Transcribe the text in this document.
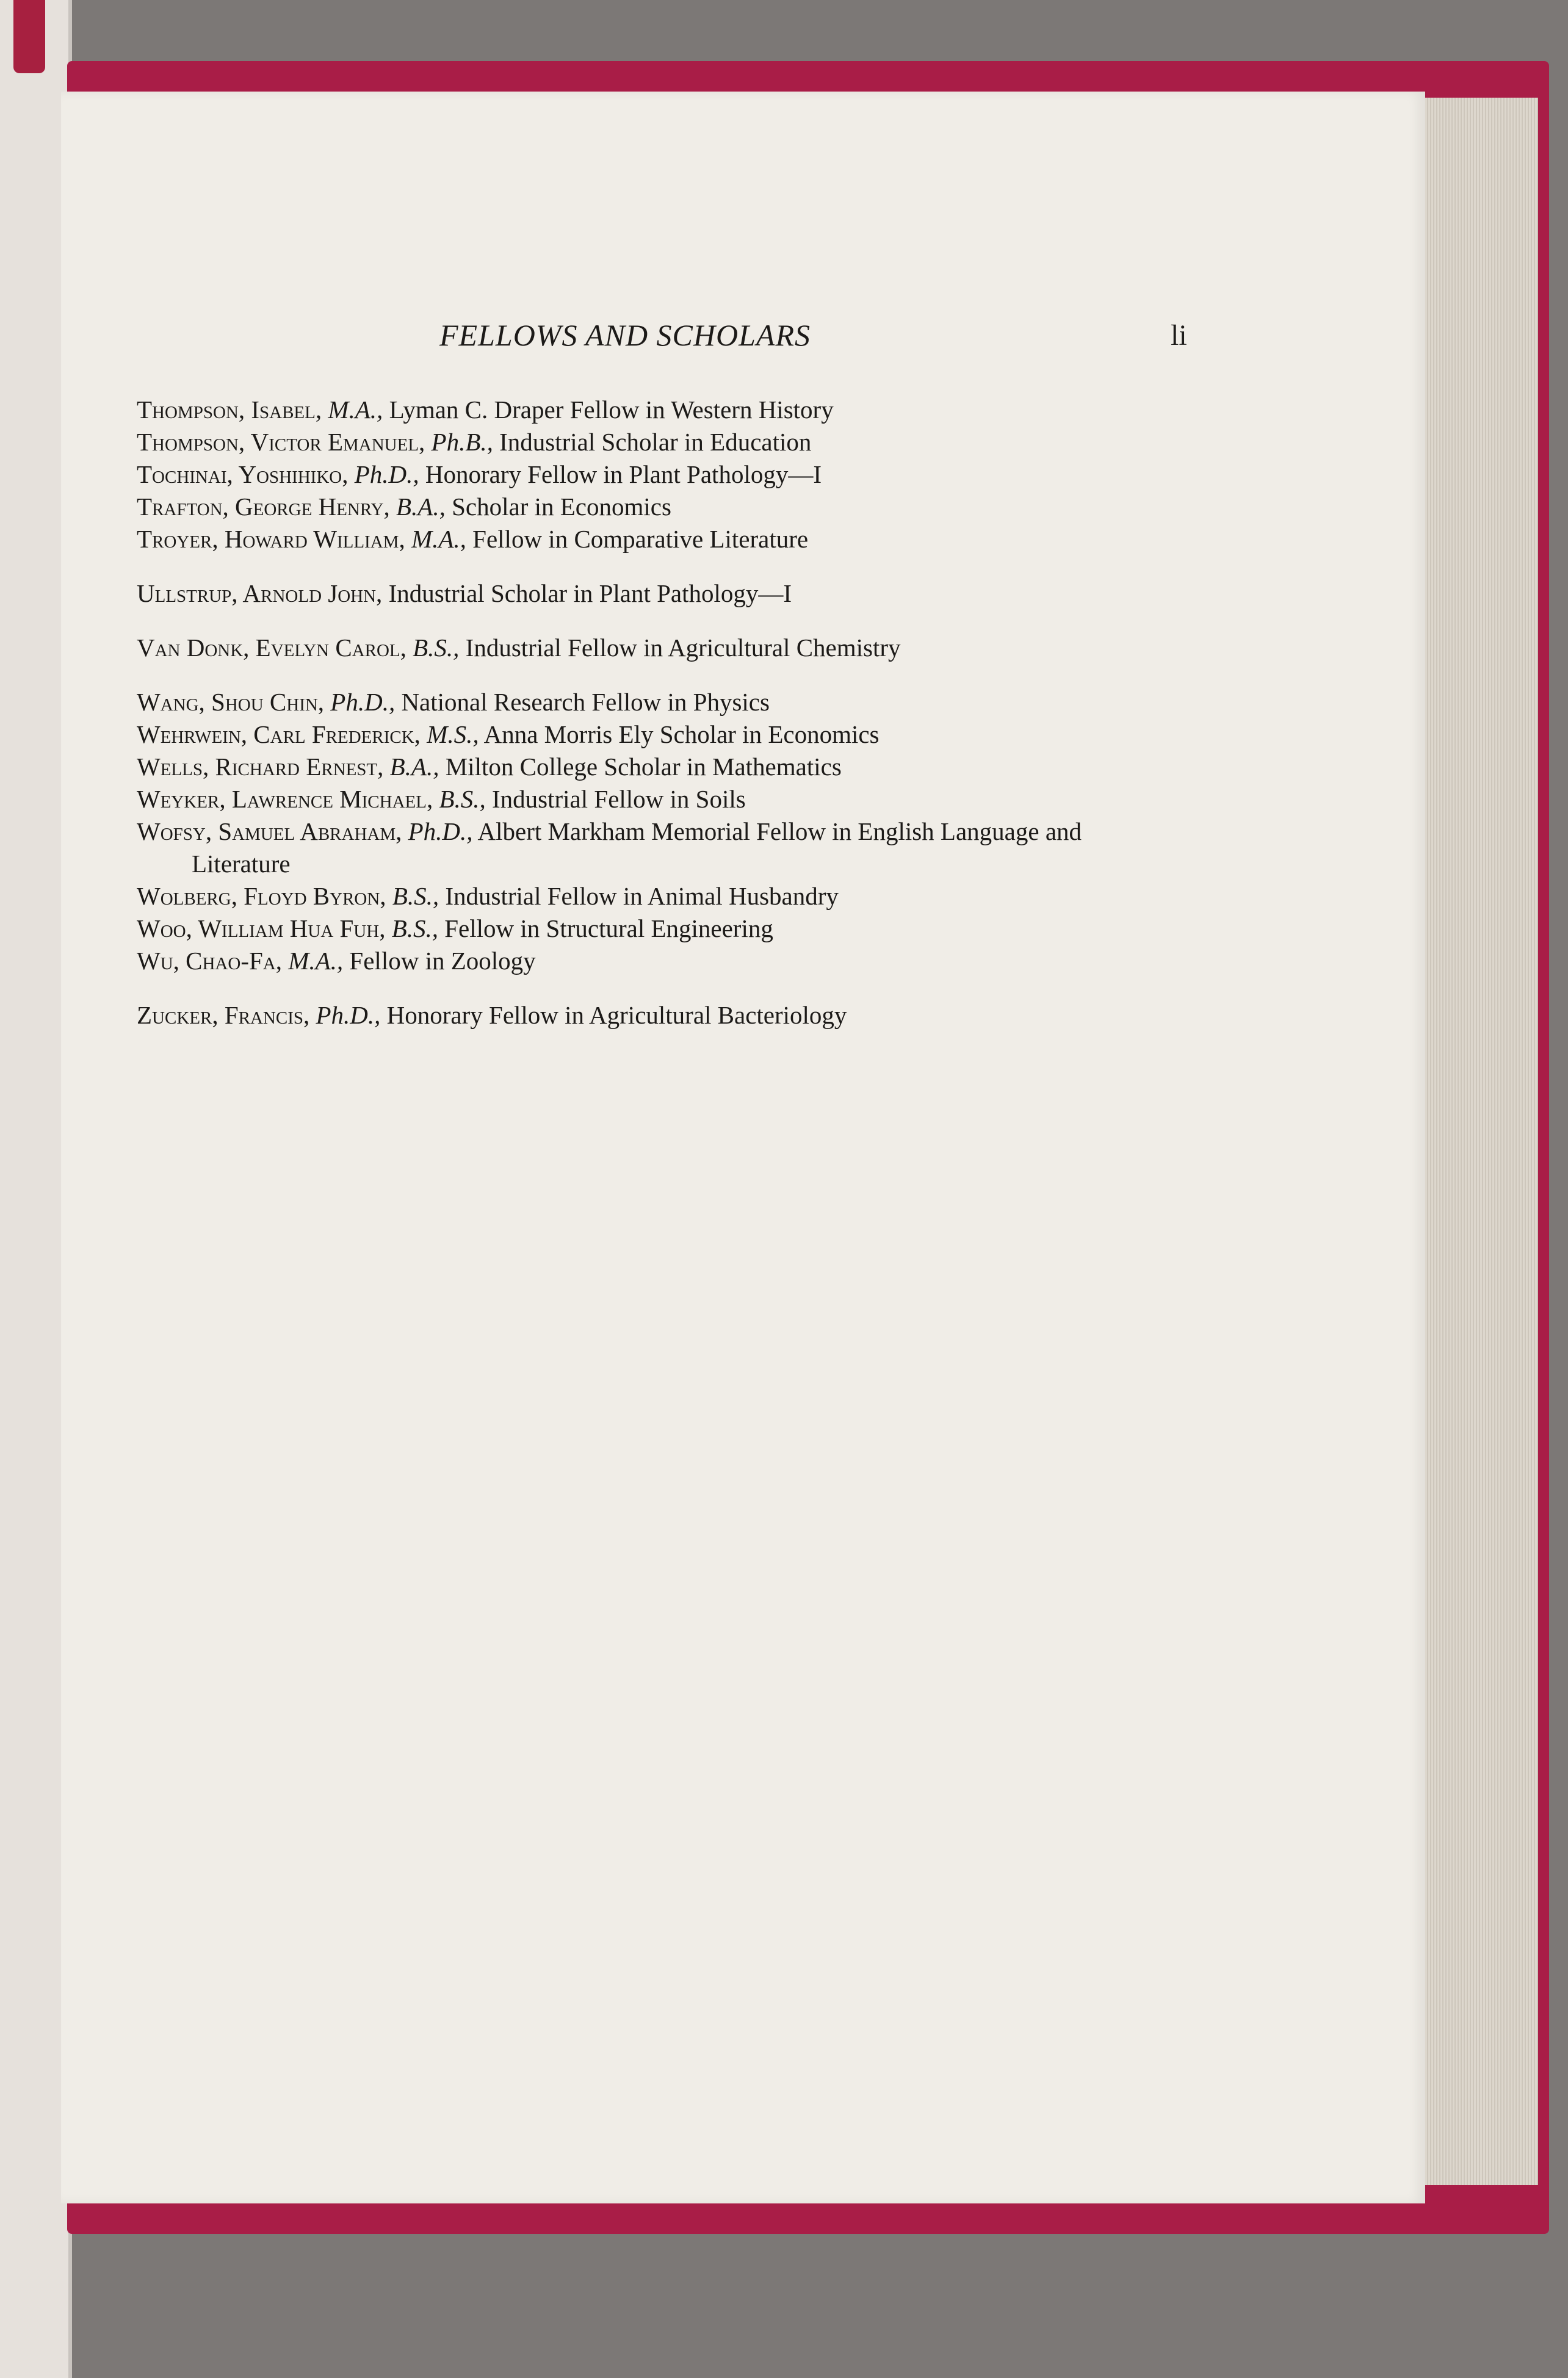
FELLOWS AND SCHOLARS	li
Thompson, Isabel, M.A., Lyman C. Draper Fellow in Western History
Thompson, Victor Emanuel, Ph.B., Industrial Scholar in Education
Tochinai, Yoshihiko, Ph.D., Honorary Fellow in Plant Pathology—I
Trafton, George Henry, B.A., Scholar in Economics
Troyer, Howard William, M.A., Fellow in Comparative Literature
Ullstrup, Arnold John, Industrial Scholar in Plant Pathology—I
Van Donk, Evelyn Carol, B.S., Industrial Fellow in Agricultural Chemistry
Wang, Shou Chin, Ph.D., National Research Fellow in Physics
Wehrwein, Carl Frederick, M.S., Anna Morris Ely Scholar in Economics
Wells, Richard Ernest, B.A., Milton College Scholar in Mathematics
Weyker, Lawrence Michael, B.S., Industrial Fellow in Soils
Wofsy, Samuel Abraham, Ph.D., Albert Markham Memorial Fellow in English Language and Literature
Wolberg, Floyd Byron, B.S., Industrial Fellow in Animal Husbandry
Woo, William Hua Fuh, B.S., Fellow in Structural Engineering
Wu, Chao-Fa, M.A., Fellow in Zoology
Zucker, Francis, Ph.D., Honorary Fellow in Agricultural Bacteriology
